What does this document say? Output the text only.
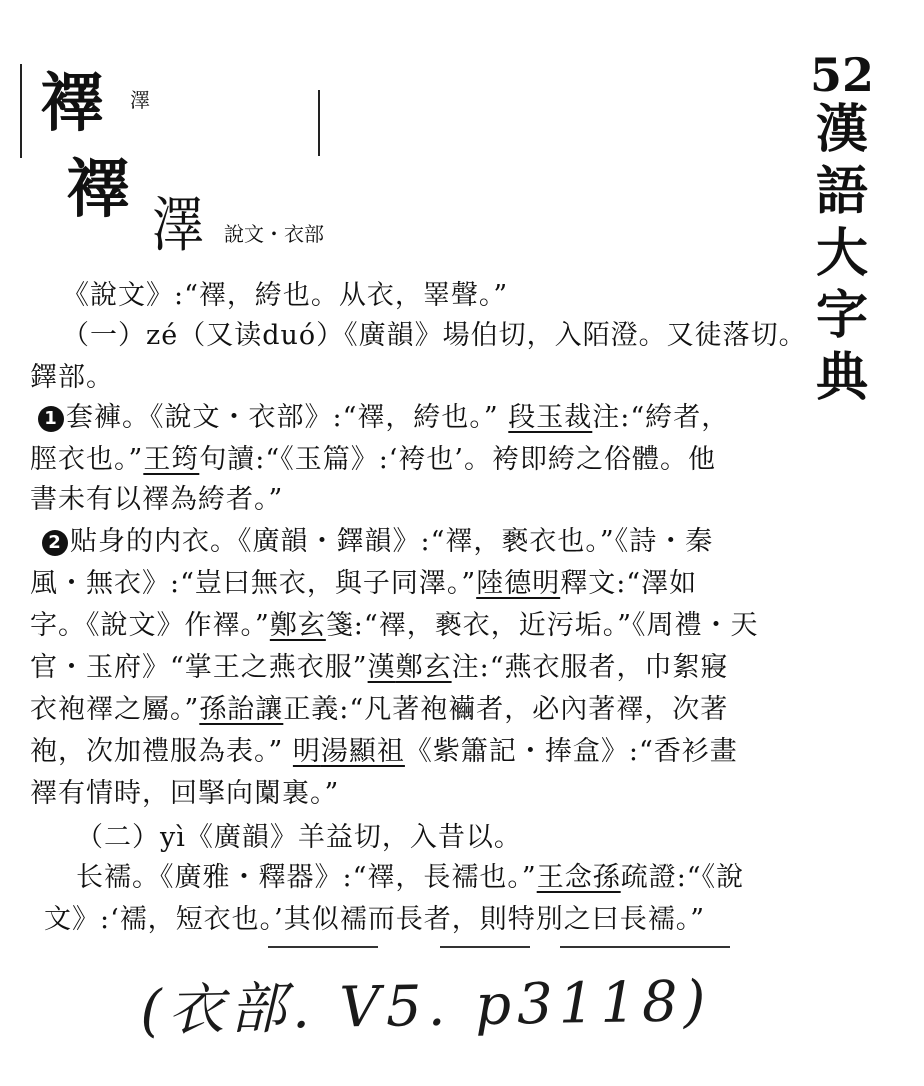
襗 澤
襗 澤 說文・衣部
52
漢
語
大
字
典
《說文》:“襗，絝也。从衣，睪聲。”
（一）zé（又读duó）《廣韻》場伯切，入陌澄。又徒落切。
鐸部。
1 套褲。《說文・衣部》:“襗，絝也。” 段玉裁注:“絝者，
脛衣也。”王筠句讀:“《玉篇》:‘袴也’。袴即絝之俗體。他
書未有以襗為絝者。”
2 贴身的内衣。《廣韻・鐸韻》:“襗，褻衣也。”《詩・秦
風・無衣》:“豈曰無衣，與子同澤。”陸德明釋文:“澤如
字。《說文》作襗。”鄭玄箋:“襗，褻衣，近污垢。”《周禮・天
官・玉府》“掌王之燕衣服”漢鄭玄注:“燕衣服者，巾絮寢
衣袍襗之屬。”孫詒讓正義:“凡著袍襺者，必內著襗，次著
袍，次加禮服為表。” 明湯顯祖《紫簫記・捧盒》:“香衫畫
襗有情時，回掔向闑裏。”
（二）yì《廣韻》羊益切，入昔以。
长襦。《廣雅・釋器》:“襗，長襦也。”王念孫疏證:“《說
文》:‘襦，短衣也。’其似襦而長者，則特別之曰長襦。”
(衣部. V5. p3118)
